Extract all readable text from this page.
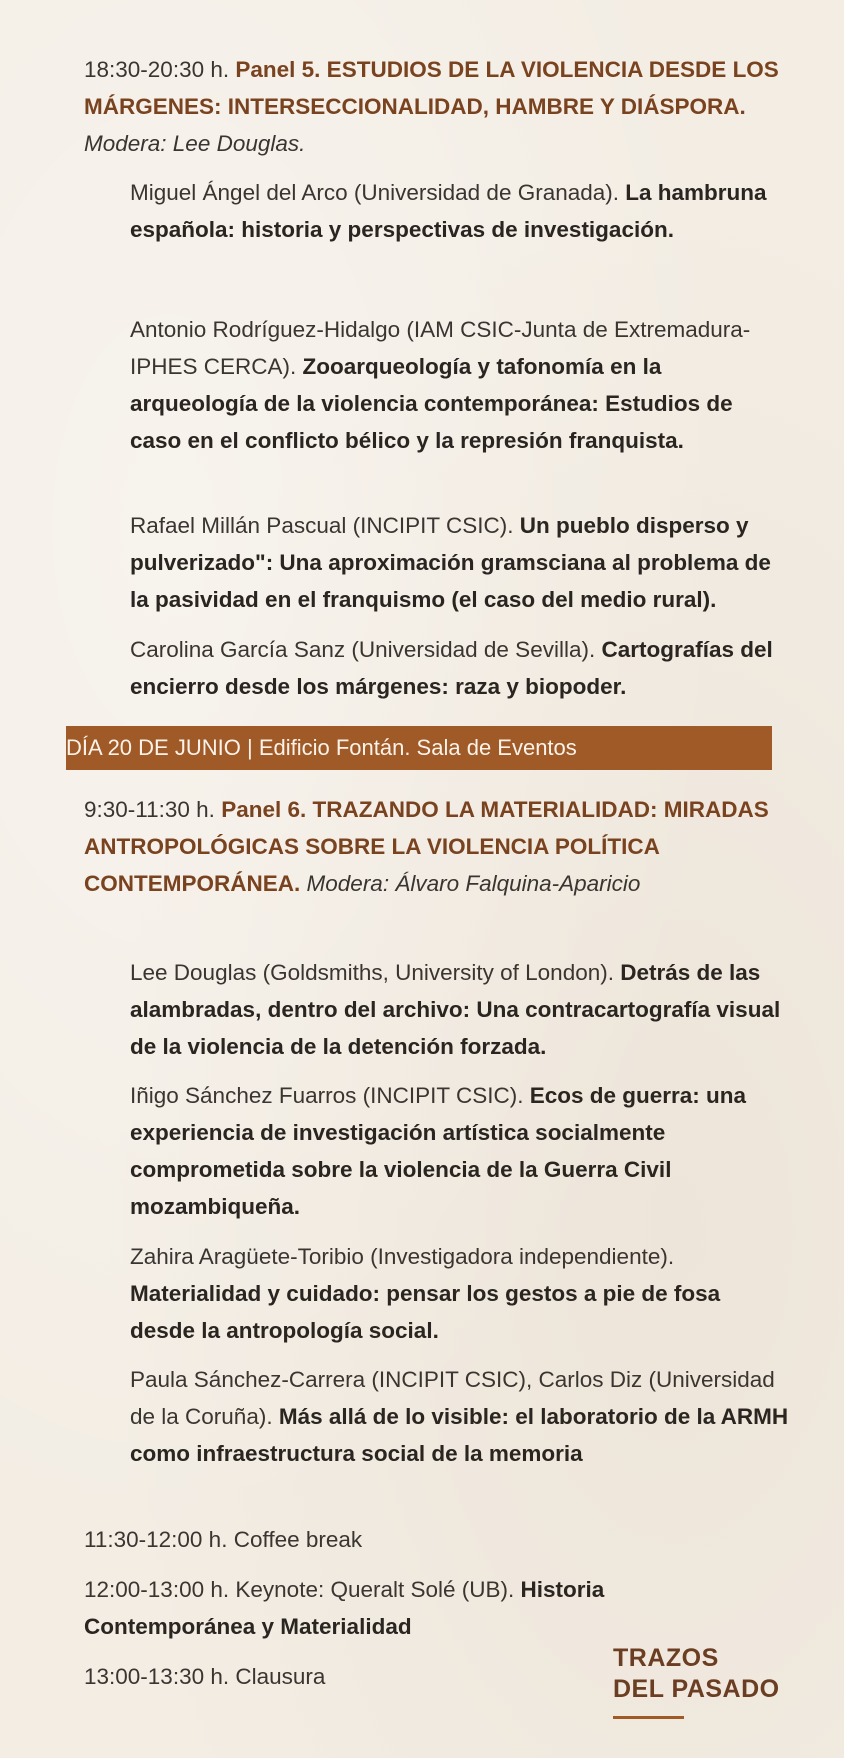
18:30-20:30 h. Panel 5. ESTUDIOS DE LA VIOLENCIA DESDE LOS MÁRGENES: INTERSECCIONALIDAD, HAMBRE Y DIÁSPORA. Modera: Lee Douglas.

Miguel Ángel del Arco (Universidad de Granada). La hambruna española: historia y perspectivas de investigación.

Antonio Rodríguez-Hidalgo (IAM CSIC-Junta de Extremadura-IPHES CERCA). Zooarqueología y tafonomía en la arqueología de la violencia contemporánea: Estudios de caso en el conflicto bélico y la represión franquista.

Rafael Millán Pascual (INCIPIT CSIC). Un pueblo disperso y pulverizado": Una aproximación gramsciana al problema de la pasividad en el franquismo (el caso del medio rural).

Carolina García Sanz (Universidad de Sevilla). Cartografías del encierro desde los márgenes: raza y biopoder.

DÍA 20 DE JUNIO | Edificio Fontán. Sala de Eventos

9:30-11:30 h. Panel 6. TRAZANDO LA MATERIALIDAD: MIRADAS ANTROPOLÓGICAS SOBRE LA VIOLENCIA POLÍTICA CONTEMPORÁNEA. Modera: Álvaro Falquina-Aparicio

Lee Douglas (Goldsmiths, University of London). Detrás de las alambradas, dentro del archivo: Una contracartografía visual de la violencia de la detención forzada.

Iñigo Sánchez Fuarros (INCIPIT CSIC). Ecos de guerra: una experiencia de investigación artística socialmente comprometida sobre la violencia de la Guerra Civil mozambiqueña.

Zahira Aragüete-Toribio (Investigadora independiente). Materialidad y cuidado: pensar los gestos a pie de fosa desde la antropología social.

Paula Sánchez-Carrera (INCIPIT CSIC), Carlos Diz (Universidad de la Coruña). Más allá de lo visible: el laboratorio de la ARMH como infraestructura social de la memoria

11:30-12:00 h. Coffee break

12:00-13:00 h. Keynote: Queralt Solé (UB). Historia Contemporánea y Materialidad

13:00-13:30 h. Clausura

TRAZOS
DEL PASADO
